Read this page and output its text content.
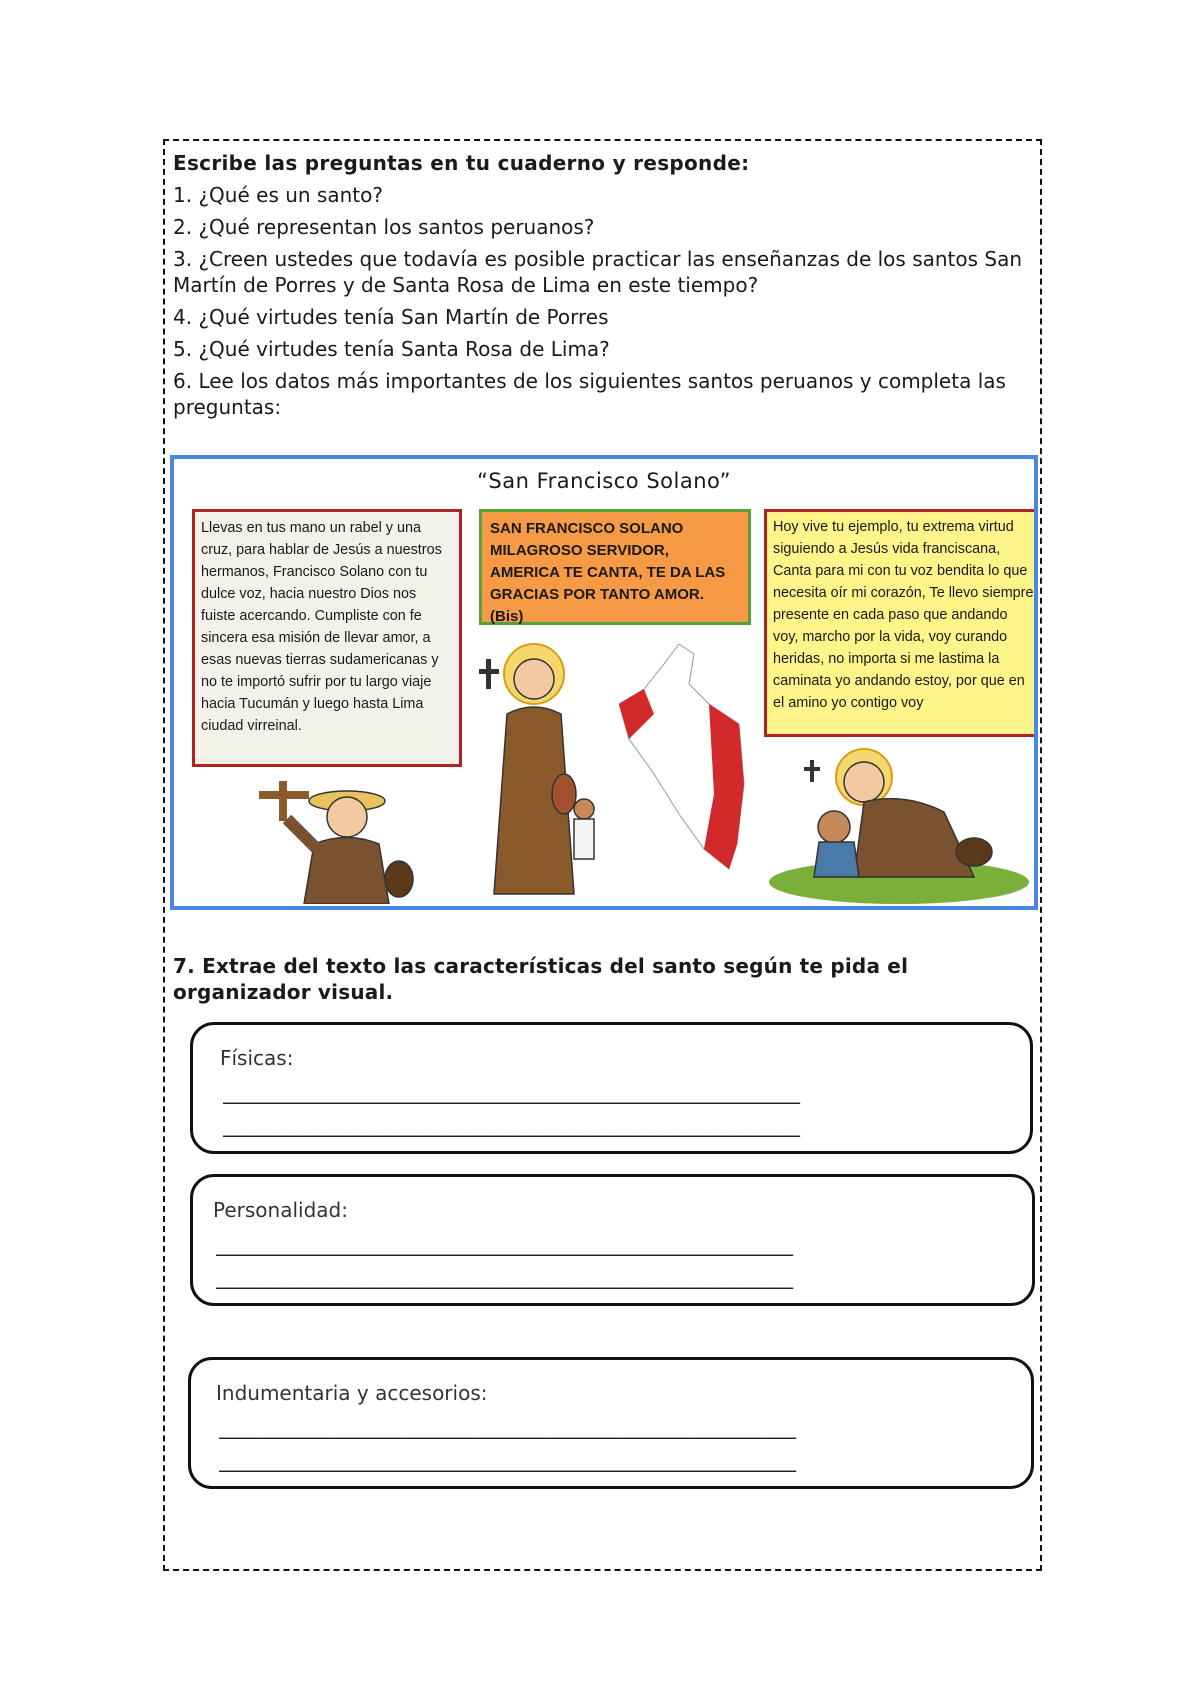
Escribe las preguntas en tu cuaderno y responde:
1. ¿Qué es un santo?
2. ¿Qué representan los santos peruanos?
3. ¿Creen ustedes que todavía es posible practicar las enseñanzas de los santos San Martín de Porres y de Santa Rosa de Lima en este tiempo?
4. ¿Qué virtudes tenía San Martín de Porres
5. ¿Qué virtudes tenía Santa Rosa de Lima?
6. Lee los datos más importantes de los siguientes santos peruanos y completa las preguntas:
“San Francisco Solano”
Llevas en tus mano un rabel y una cruz, para hablar de Jesús a nuestros hermanos, Francisco Solano con tu dulce voz, hacia nuestro Dios nos fuiste acercando. Cumpliste con fe sincera esa misión de llevar amor, a esas nuevas tierras sudamericanas y no te importó sufrir por tu largo viaje hacia Tucumán y luego hasta Lima ciudad virreinal.
SAN FRANCISCO SOLANO MILAGROSO SERVIDOR, AMERICA TE CANTA, TE DA LAS GRACIAS POR TANTO AMOR. (Bis)
Hoy vive tu ejemplo, tu extrema virtud siguiendo a Jesús vida franciscana, Canta para mi con tu voz bendita lo que necesita oír mi corazón, Te llevo siempre presente en cada paso que andando voy, marcho por la vida, voy curando heridas, no importa si me lastima la caminata yo andando estoy, por que en el amino yo contigo voy
7. Extrae del texto las características del santo según te pida el organizador visual.
Físicas:
________________________________________________________________
________________________________________________________________
Personalidad:
________________________________________________________________
________________________________________________________________
Indumentaria y accesorios:
________________________________________________________________
________________________________________________________________
